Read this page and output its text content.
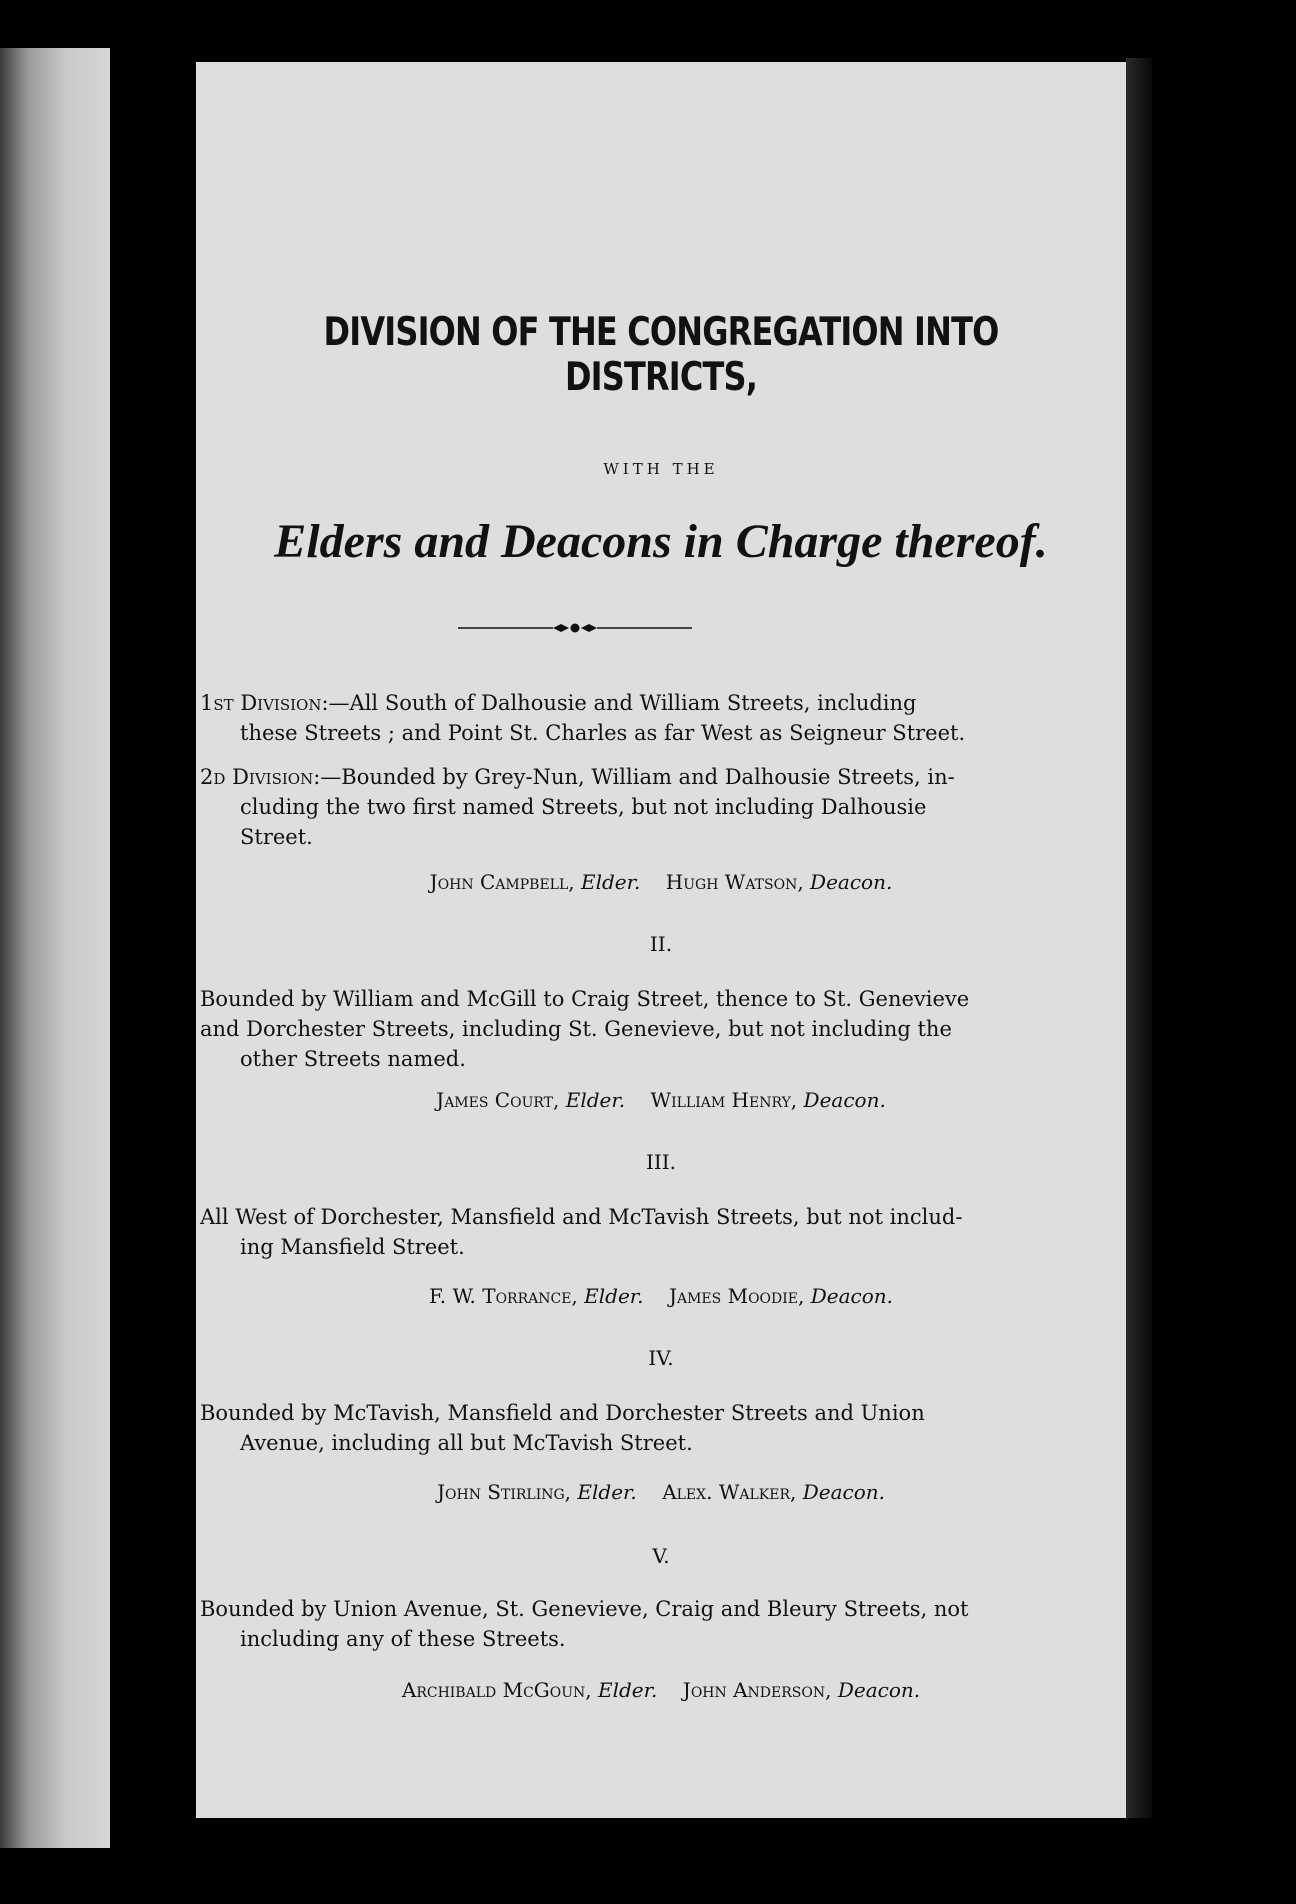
DIVISION OF THE CONGREGATION INTO DISTRICTS,
WITH THE
Elders and Deacons in Charge thereof.
1st Division:—All South of Dalhousie and William Streets, including
these Streets ; and Point St. Charles as far West as Seigneur Street.
2d Division:—Bounded by Grey-Nun, William and Dalhousie Streets, in-
cluding the two first named Streets, but not including Dalhousie
Street.
John Campbell, Elder. Hugh Watson, Deacon.
II.
Bounded by William and McGill to Craig Street, thence to St. Genevieve
and Dorchester Streets, including St. Genevieve, but not including the
other Streets named.
James Court, Elder. William Henry, Deacon.
III.
All West of Dorchester, Mansfield and McTavish Streets, but not includ-
ing Mansfield Street.
F. W. Torrance, Elder. James Moodie, Deacon.
IV.
Bounded by McTavish, Mansfield and Dorchester Streets and Union
Avenue, including all but McTavish Street.
John Stirling, Elder. Alex. Walker, Deacon.
V.
Bounded by Union Avenue, St. Genevieve, Craig and Bleury Streets, not
including any of these Streets.
Archibald McGoun, Elder. John Anderson, Deacon.
